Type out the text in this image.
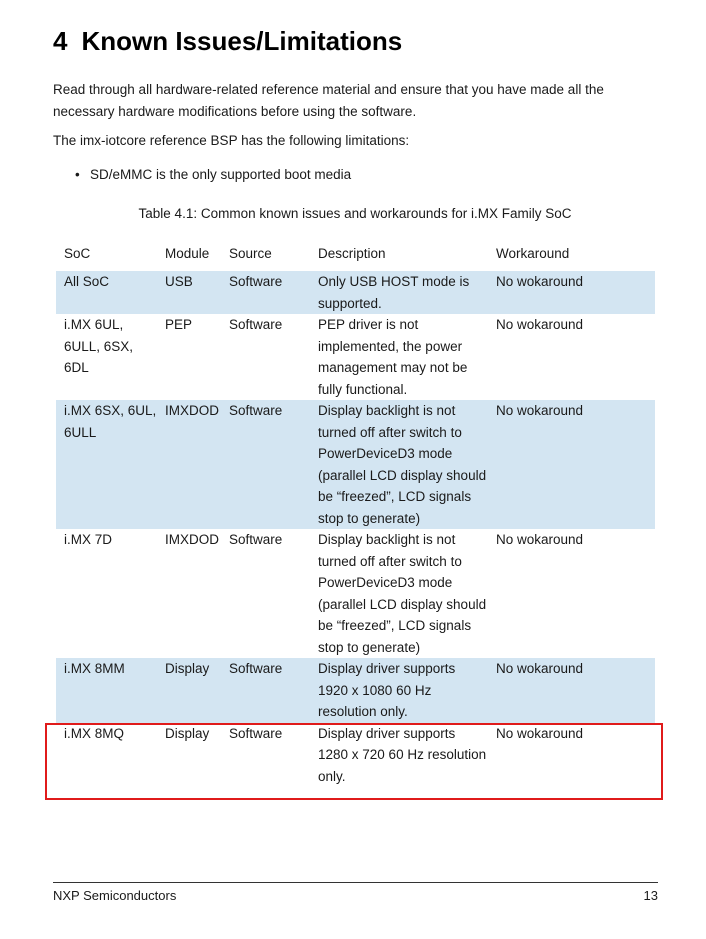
4 Known Issues/Limitations

Read through all hardware-related reference material and ensure that you have made all the necessary hardware modifications before using the software.

The imx-iotcore reference BSP has the following limitations:

• SD/eMMC is the only supported boot media

Table 4.1: Common known issues and workarounds for i.MX Family SoC

SoC	Module	Source	Description	Workaround
All SoC	USB	Software	Only USB HOST mode is supported.	No wokaround
i.MX 6UL, 6ULL, 6SX, 6DL	PEP	Software	PEP driver is not implemented, the power management may not be fully functional.	No wokaround
i.MX 6SX, 6UL, 6ULL	IMXDOD	Software	Display backlight is not turned off after switch to PowerDeviceD3 mode (parallel LCD display should be “freezed”, LCD signals stop to generate)	No wokaround
i.MX 7D	IMXDOD	Software	Display backlight is not turned off after switch to PowerDeviceD3 mode (parallel LCD display should be “freezed”, LCD signals stop to generate)	No wokaround
i.MX 8MM	Display	Software	Display driver supports 1920 x 1080 60 Hz resolution only.	No wokaround
i.MX 8MQ	Display	Software	Display driver supports 1280 x 720 60 Hz resolution only.	No wokaround

NXP Semiconductors	13
